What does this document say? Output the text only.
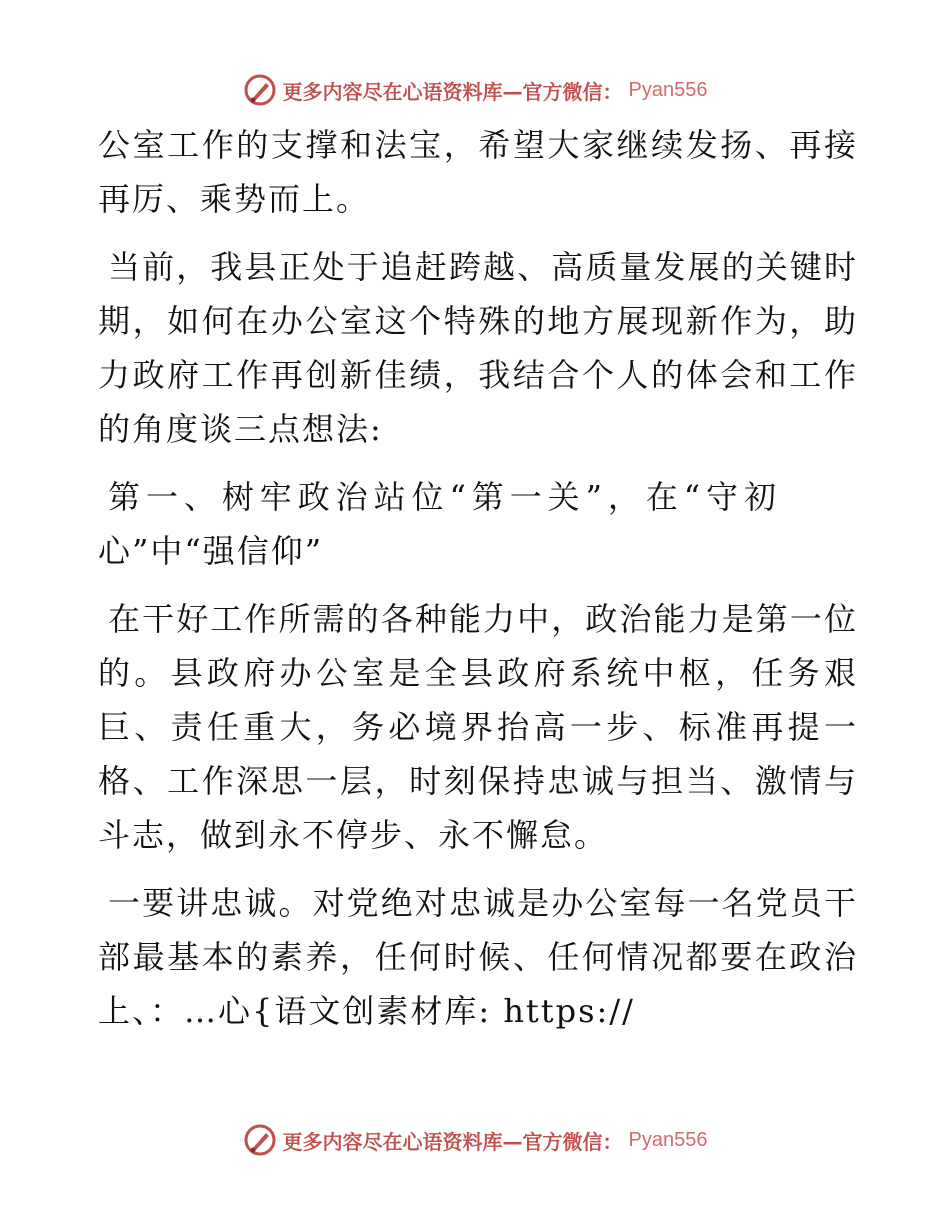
更多内容尽在心语资料库—官方微信： Pyan556

公室工作的支撑和法宝，希望大家继续发扬、再接再厉、乘势而上。

当前，我县正处于追赶跨越、高质量发展的关键时期，如何在办公室这个特殊的地方展现新作为，助力政府工作再创新佳绩，我结合个人的体会和工作的角度谈三点想法:

第一、树牢政治站位“第一关”，在“守初心”中“强信仰”

在干好工作所需的各种能力中，政治能力是第一位的。县政府办公室是全县政府系统中枢，任务艰巨、责任重大，务必境界抬高一步、标准再提一格、工作深思一层，时刻保持忠诚与担当、激情与斗志，做到永不停步、永不懈怠。

一要讲忠诚。对党绝对忠诚是办公室每一名党员干部最基本的素养，任何时候、任何情况都要在政治上、：…心{语文创素材库: https://

更多内容尽在心语资料库—官方微信： Pyan556
